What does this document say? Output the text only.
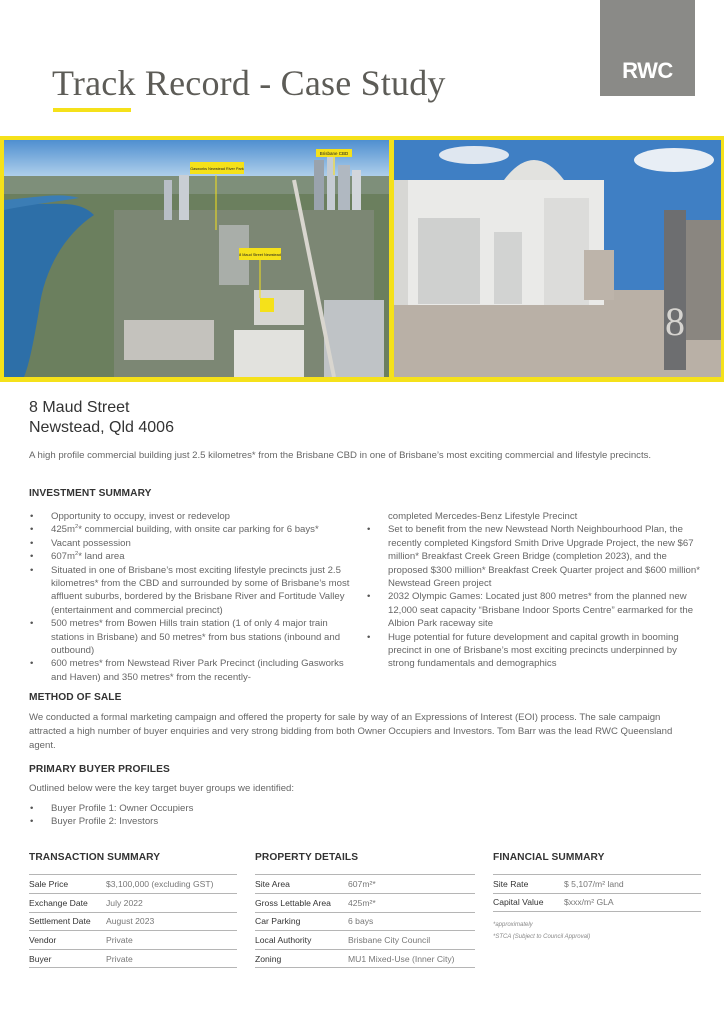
Track Record - Case Study	RWC
Brisbane CBD
Gasworks Newstead River Park
8 Maud Street Newstead
8
8 Maud Street
Newstead, Qld 4006
A high profile commercial building just 2.5 kilometres* from the Brisbane CBD in one of Brisbane’s most exciting commercial and lifestyle precincts.
INVESTMENT SUMMARY
• Opportunity to occupy, invest or redevelop
• $425m^2*$ commercial building, with onsite car parking for 6 bays*
• Vacant possession
• $607m^2*$ land area
• Situated in one of Brisbane’s most exciting lifestyle precincts just 2.5 kilometres* from the CBD and surrounded by some of Brisbane’s most affluent suburbs, bordered by the Brisbane River and Fortitude Valley (entertainment and commercial precinct)
• 500 metres* from Bowen Hills train station (1 of only 4 major train stations in Brisbane) and 50 metres* from bus stations (inbound and outbound)
• 600 metres* from Newstead River Park Precinct (including Gasworks and Haven) and 350 metres* from the recently-
completed Mercedes-Benz Lifestyle Precinct
• Set to benefit from the new Newstead North Neighbourhood Plan, the recently completed Kingsford Smith Drive Upgrade Project, the new $67 million* Breakfast Creek Green Bridge (completion 2023), and the proposed $300 million* Breakfast Creek Quarter project and $600 million* Newstead Green project
• 2032 Olympic Games: Located just 800 metres* from the planned new 12,000 seat capacity “Brisbane Indoor Sports Centre” earmarked for the Albion Park raceway site
• Huge potential for future development and capital growth in booming precinct in one of Brisbane’s most exciting precincts underpinned by strong fundamentals and demographics
METHOD OF SALE
We conducted a formal marketing campaign and offered the property for sale by way of an Expressions of Interest (EOI) process. The sale campaign attracted a high number of buyer enquiries and very strong bidding from both Owner Occupiers and Investors. Tom Barr was the lead RWC Queensland agent.
PRIMARY BUYER PROFILES
Outlined below were the key target buyer groups we identified:
• Buyer Profile 1: Owner Occupiers
• Buyer Profile 2: Investors
TRANSACTION SUMMARY	PROPERTY DETAILS	FINANCIAL SUMMARY
Sale Price	$3,100,000 (excluding GST)
Exchange Date	July 2022
Settlement Date	August 2023
Vendor	Private
Buyer	Private
Site Area	607m²*
Gross Lettable Area	425m²*
Car Parking	6 bays
Local Authority	Brisbane City Council
Zoning	MU1 Mixed-Use (Inner City)
Site Rate	$ 5,107/m² land
Capital Value	$xxx/m² GLA
*approximately
*STCA (Subject to Council Approval)
